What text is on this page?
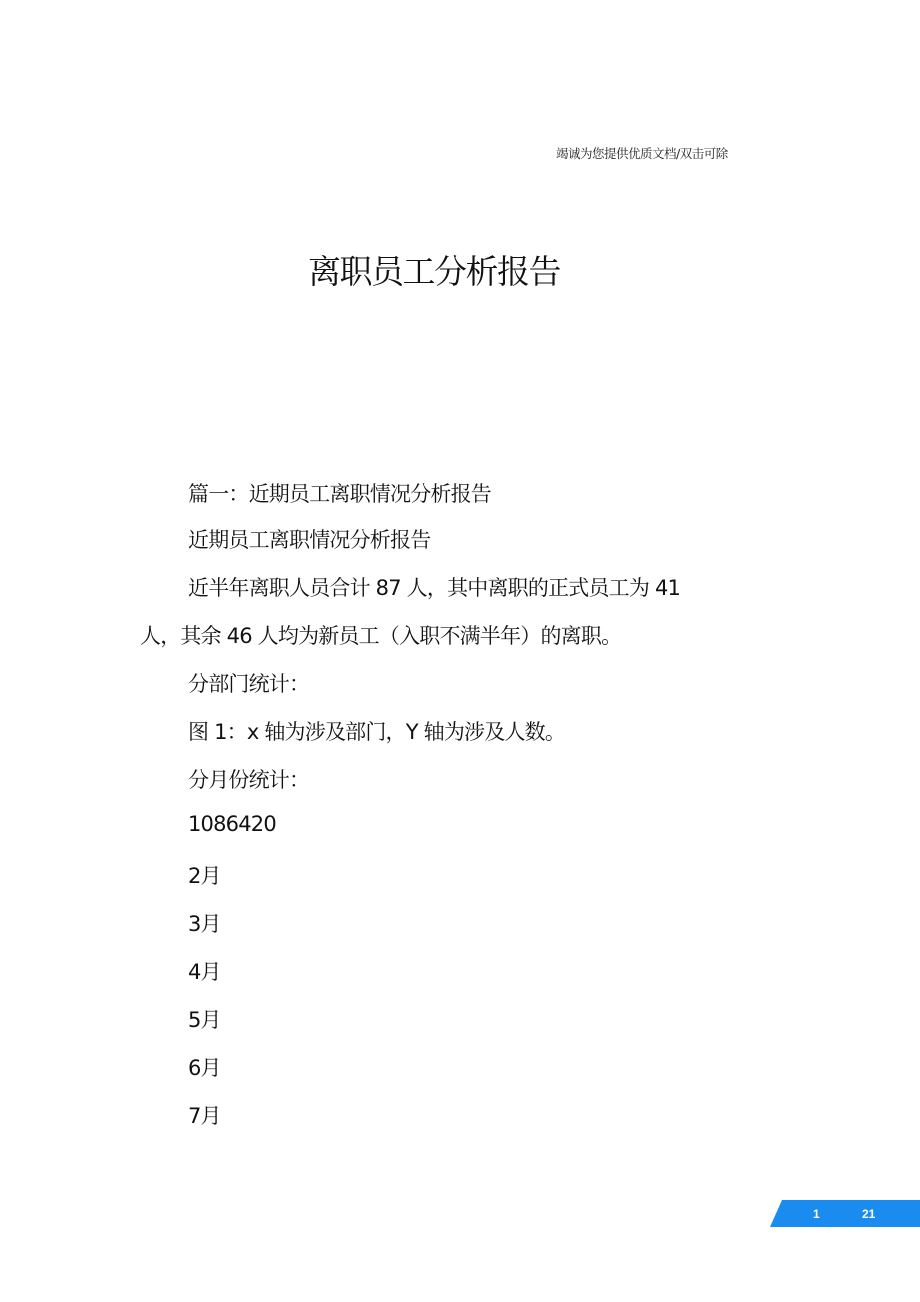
竭诚为您提供优质文档/双击可除
离职员工分析报告
篇一：近期员工离职情况分析报告
近期员工离职情况分析报告
近半年离职人员合计 87 人，其中离职的正式员工为 41
人，其余 46 人均为新员工（入职不满半年）的离职。
分部门统计：
图 1：x 轴为涉及部门，Y 轴为涉及人数。
分月份统计：
1086420
2月
3月
4月
5月
6月
7月
1	21
